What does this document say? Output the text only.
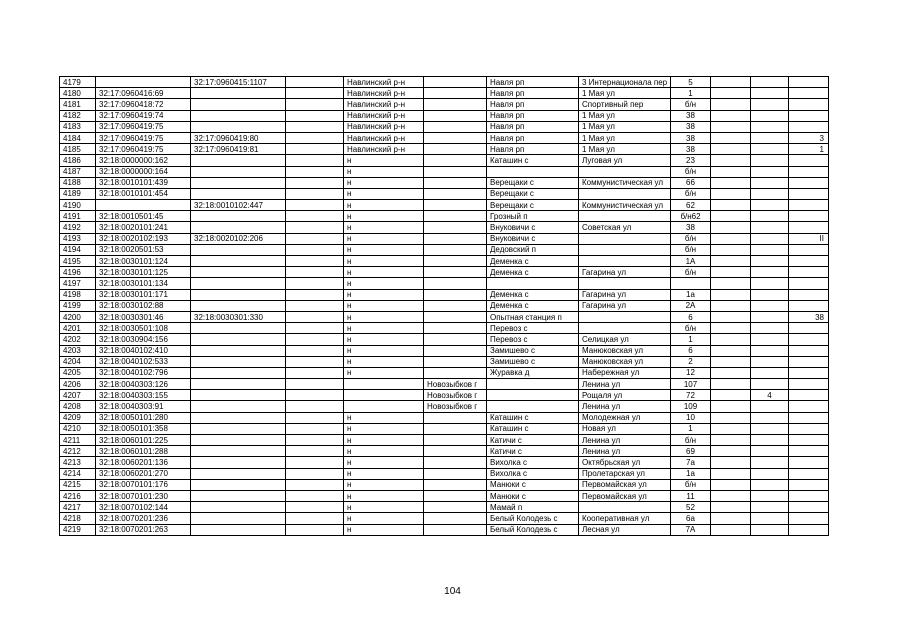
4179		32:17:0960415:1107		Навлинский р-н		Навля рп	3 Интернационала пер	5			
4180	32:17:0960416:69			Навлинский р-н		Навля рп	1 Мая ул	1			
4181	32:17:0960418:72			Навлинский р-н		Навля рп	Спортивный пер	б/н			
4182	32:17:0960419:74			Навлинский р-н		Навля рп	1 Мая ул	38			
4183	32:17:0960419:75			Навлинский р-н		Навля рп	1 Мая ул	38			
4184	32:17:0960419:75	32:17:0960419:80		Навлинский р-н		Навля рп	1 Мая ул	38			3
4185	32:17:0960419:75	32:17:0960419:81		Навлинский р-н		Навля рп	1 Мая ул	38			1
4186	32:18:0000000:162			н		Каташин с	Луговая ул	23			
4187	32:18:0000000:164			н				б/н			
4188	32:18:0010101:439			н		Верещаки с	Коммунистическая ул	66			
4189	32:18:0010101:454			н		Верещаки с		б/н			
4190		32:18:0010102:447		н		Верещаки с	Коммунистическая ул	62			
4191	32:18:0010501:45			н		Грозный п		б/н62			
4192	32:18:0020101:241			н		Внуковичи с	Советская ул	38			
4193	32:18:0020102:193	32:18:0020102:206		н		Внуковичи с		б/н			II
4194	32:18:0020501:53			н		Дедовский п		б/н			
4195	32:18:0030101:124			н		Деменка с		1А			
4196	32:18:0030101:125			н		Деменка с	Гагарина ул	б/н			
4197	32:18:0030101:134			н							
4198	32:18:0030101:171			н		Деменка с	Гагарина ул	1а			
4199	32:18:0030102:88			н		Деменка с	Гагарина ул	2А			
4200	32:18:0030301:46	32:18:0030301:330		н		Опытная станция п		6			38
4201	32:18:0030501:108			н		Перевоз с		б/н			
4202	32:18:0030904:156			н		Перевоз с	Селицкая ул	1			
4203	32:18:0040102:410			н		Замишево с	Манюковская ул	6			
4204	32:18:0040102:533			н		Замишево с	Манюковская ул	2			
4205	32:18:0040102:796			н		Журавка д	Набережная ул	12			
4206	32:18:0040303:126				Новозыбков г		Ленина ул	107			
4207	32:18:0040303:155				Новозыбков г		Рощаля ул	72		4	
4208	32:18:0040303:91				Новозыбков г		Ленина ул	109			
4209	32:18:0050101:280			н		Каташин с	Молодежная ул	10			
4210	32:18:0050101:358			н		Каташин с	Новая ул	1			
4211	32:18:0060101:225			н		Катичи с	Ленина ул	б/н			
4212	32:18:0060101:288			н		Катичи с	Ленина ул	69			
4213	32:18:0060201:136			н		Вихолка с	Октябрьская ул	7а			
4214	32:18:0060201:270			н		Вихолка с	Пролетарская ул	1а			
4215	32:18:0070101:176			н		Манюки с	Первомайская ул	б/н			
4216	32:18:0070101:230			н		Манюки с	Первомайская ул	11			
4217	32:18:0070102:144			н		Мамай п		52			
4218	32:18:0070201:236			н		Белый Колодезь с	Кооперативная ул	6а			
4219	32:18:0070201:263			н		Белый Колодезь с	Лесная ул	7А			
104
